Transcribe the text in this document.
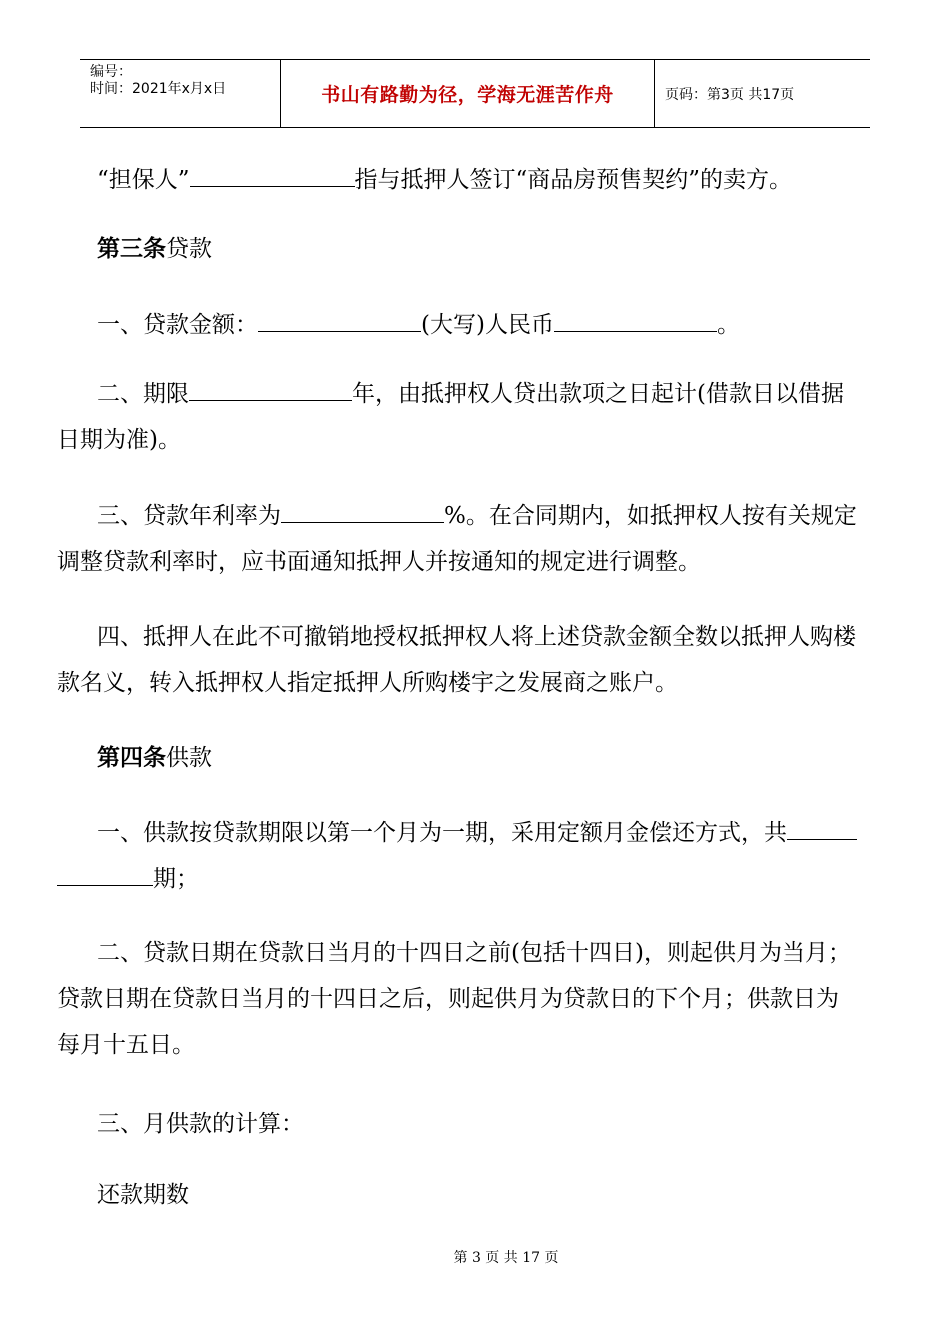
编号：
时间：2021年x月x日	书山有路勤为径，学海无涯苦作舟	页码：第3页 共17页

“担保人”	指与抵押人签订“商品房预售契约”的卖方。

第三条贷款

一、贷款金额：	(大写)人民币	。

二、期限	年，由抵押权人贷出款项之日起计(借款日以借据
日期为准)。

三、贷款年利率为	%。在合同期内，如抵押权人按有关规定
调整贷款利率时，应书面通知抵押人并按通知的规定进行调整。

四、抵押人在此不可撤销地授权抵押权人将上述贷款金额全数以抵押人购楼
款名义，转入抵押权人指定抵押人所购楼宇之发展商之账户。

第四条供款

一、供款按贷款期限以第一个月为一期，采用定额月金偿还方式，共
期；

二、贷款日期在贷款日当月的十四日之前(包括十四日)，则起供月为当月；
贷款日期在贷款日当月的十四日之后，则起供月为贷款日的下个月；供款日为
每月十五日。

三、月供款的计算：

还款期数

第 3 页 共 17 页
